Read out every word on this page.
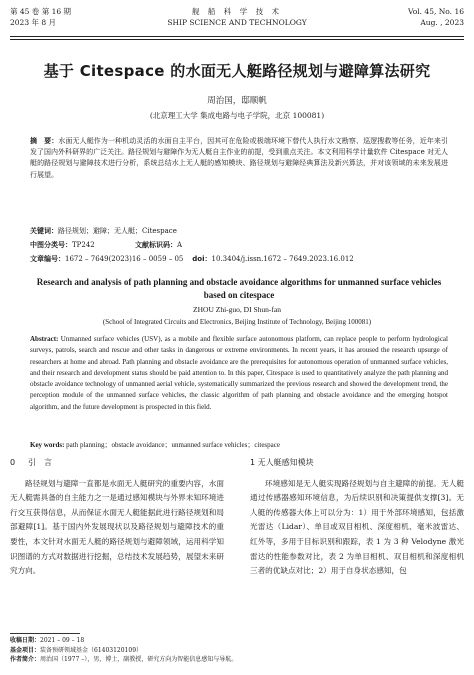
第 45 卷 第 16 期
2023 年 8 月
舰 船 科 学 技 术
SHIP SCIENCE AND TECHNOLOGY
Vol. 45, No. 16
Aug. , 2023
基于 Citespace 的水面无人艇路径规划与避障算法研究
周治国，邸顺帆
(北京理工大学 集成电路与电子学院，北京 100081)
摘　要：水面无人艇作为一种机动灵活的水面自主平台，因其可在危险或极端环境下替代人执行水文勘察、巡逻搜救等任务，近年来引发了国内外科研界的广泛关注。路径规划与避障作为无人艇自主作业的前提，受到重点关注。本文利用科学计量软件 Citespace 对无人艇的路径规划与避障技术进行分析，系统总结水上无人艇的感知模块、路径规划与避障经典算法及新兴算法，并对该领域的未来发展进行展望。
关键词：路径规划；避障；无人艇；Citespace
中图分类号：TP242	文献标识码：A
文章编号：1672 – 7649(2023)16 – 0059 – 05 doi：10.3404/j.issn.1672 – 7649.2023.16.012
Research and analysis of path planning and obstacle avoidance algorithms for unmanned surface vehicles based on citespace
ZHOU Zhi-guo, DI Shun-fan
(School of Integrated Circuits and Electronics, Beijing Institute of Technology, Beijing 100081)
Abstract: Unmanned surface vehicles (USV), as a mobile and flexible surface autonomous platform, can replace people to perform hydrological surveys, patrols, search and rescue and other tasks in dangerous or extreme environments. In recent years, it has aroused the research upsurge of researchers at home and abroad. Path planning and obstacle avoidance are the prerequisites for autonomous operation of unmanned surface vehicles, and their research and development status should be paid attention to. In this paper, Citespace is used to quantitatively analyze the path planning and obstacle avoidance technology of unmanned aerial vehicle, systematically summarized the previous research and showed the development trend, the perception module of the unmanned surface vehicles, the classic algorithm of path planning and obstacle avoidance and the emerging hotspot algorithm, and the future development is prospected in this field.
Key words: path planning；obstacle avoidance；unmanned surface vehicles；citespace
0 引　言

路径规划与避障一直都是水面无人艇研究的重要内容，水面无人艇需具备的自主能力之一是通过感知模块与外界未知环境进行交互获得信息，从而保证水面无人艇能据此进行路径规划和局部避障[1]。基于国内外发展现状以及路径规划与避障技术的重要性，本文针对水面无人艇的路径规划与避障领域，运用科学知识图谱的方式对数据进行挖掘，总结技术发展趋势，展望未来研究方向。

1 无人艇感知模块

环境感知是无人艇实现路径规划与自主避障的前提。无人艇通过传感器感知环境信息，为后续识别和决策提供支撑[3]。无人艇的传感器大体上可以分为：1）用于外部环境感知，包括激光雷达（Lidar）、单目或双目相机、深度相机、毫米波雷达、红外等，多用于目标识别和跟踪，表 1 为 3 种 Velodyne 激光雷达的性能参数对比，表 2 为单目相机、双目相机和深度相机三者的优缺点对比；2）用于自身状态感知，包

收稿日期：2021 – 09 – 18
基金项目：装备预研领域基金（61403120109）
作者简介：周治国（1977 –），男，博士，副教授，研究方向为智能信息感知与导航。
